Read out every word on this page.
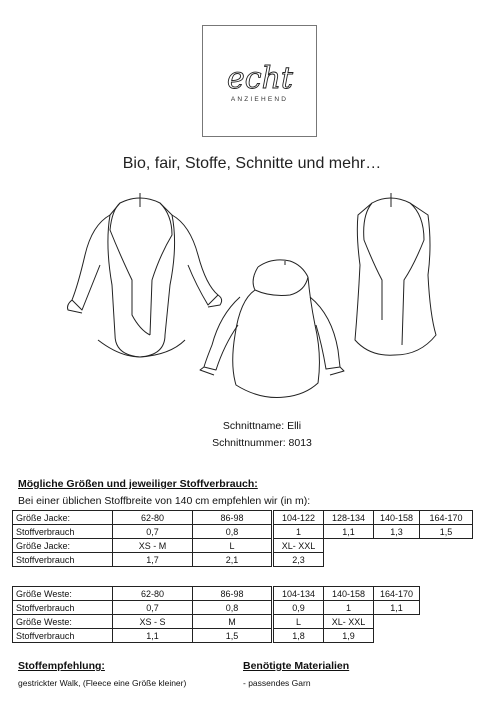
echt
ANZIEHEND
Bio, fair, Stoffe, Schnitte und mehr…
Schnittname: Elli
Schnittnummer: 8013
Mögliche Größen und jeweiliger Stoffverbrauch:
Bei einer üblichen Stoffbreite von 140 cm empfehlen wir (in m):
Größe Jacke:	62-80	86-98	104-122	128-134	140-158	164-170
Stoffverbrauch	0,7	0,8	1	1,1	1,3	1,5
Größe Jacke:	XS - M	L	XL- XXL			
Stoffverbrauch	1,7	2,1	2,3			
Größe Weste:	62-80	86-98	104-134	140-158	164-170	
Stoffverbrauch	0,7	0,8	0,9	1	1,1	
Größe Weste:	XS - S	M	L	XL- XXL		
Stoffverbrauch	1,1	1,5	1,8	1,9		
Stoffempfehlung:
gestrickter Walk, (Fleece eine Größe kleiner)
Benötigte Materialien
- passendes Garn
